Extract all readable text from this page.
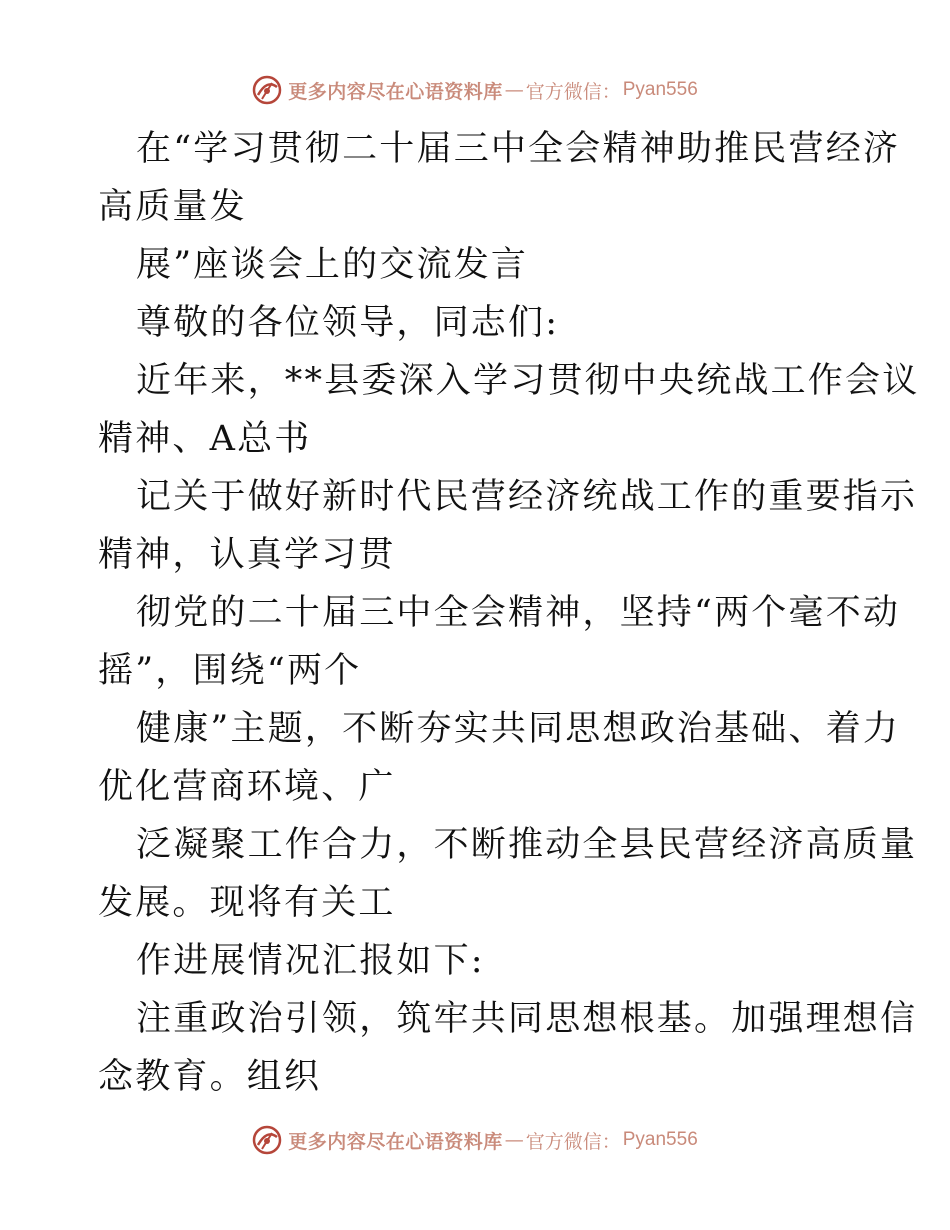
更多内容尽在心语资料库 — 官方微信： Pyan556
在“学习贯彻二十届三中全会精神助推民营经济
高质量发
展”座谈会上的交流发言
尊敬的各位领导，同志们:
近年来，**县委深入学习贯彻中央统战工作会议
精神、A总书
记关于做好新时代民营经济统战工作的重要指示
精神，认真学习贯
彻党的二十届三中全会精神，坚持“两个毫不动
摇”，围绕“两个
健康”主题，不断夯实共同思想政治基础、着力
优化营商环境、广
泛凝聚工作合力，不断推动全县民营经济高质量
发展。现将有关工
作进展情况汇报如下:
注重政治引领，筑牢共同思想根基。加强理想信
念教育。组织
更多内容尽在心语资料库 — 官方微信： Pyan556
